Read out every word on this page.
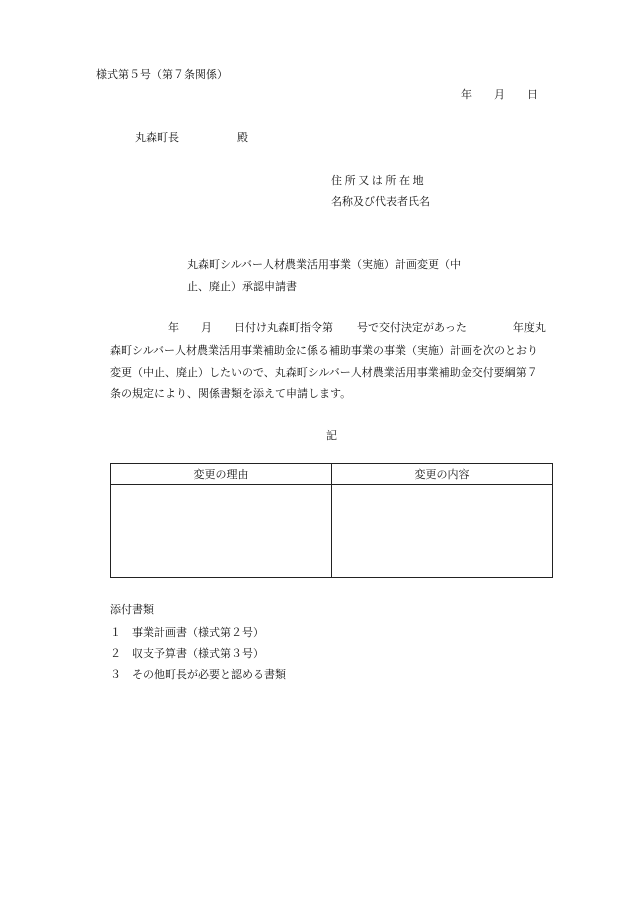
様式第５号（第７条関係）
年 月 日
丸森町長	殿
住所又は所在地
名称及び代表者氏名
丸森町シルバー人材農業活用事業（実施）計画変更（中
止、廃止）承認申請書
年 月 日付け丸森町指令第 号で交付決定があった	年度丸
森町シルバー人材農業活用事業補助金に係る補助事業の事業（実施）計画を次のとおり
変更（中止、廃止）したいので、丸森町シルバー人材農業活用事業補助金交付要綱第７
条の規定により、関係書類を添えて申請します。
記
変更の理由	変更の内容

添付書類
１ 事業計画書（様式第２号）
２ 収支予算書（様式第３号）
３ その他町長が必要と認める書類
